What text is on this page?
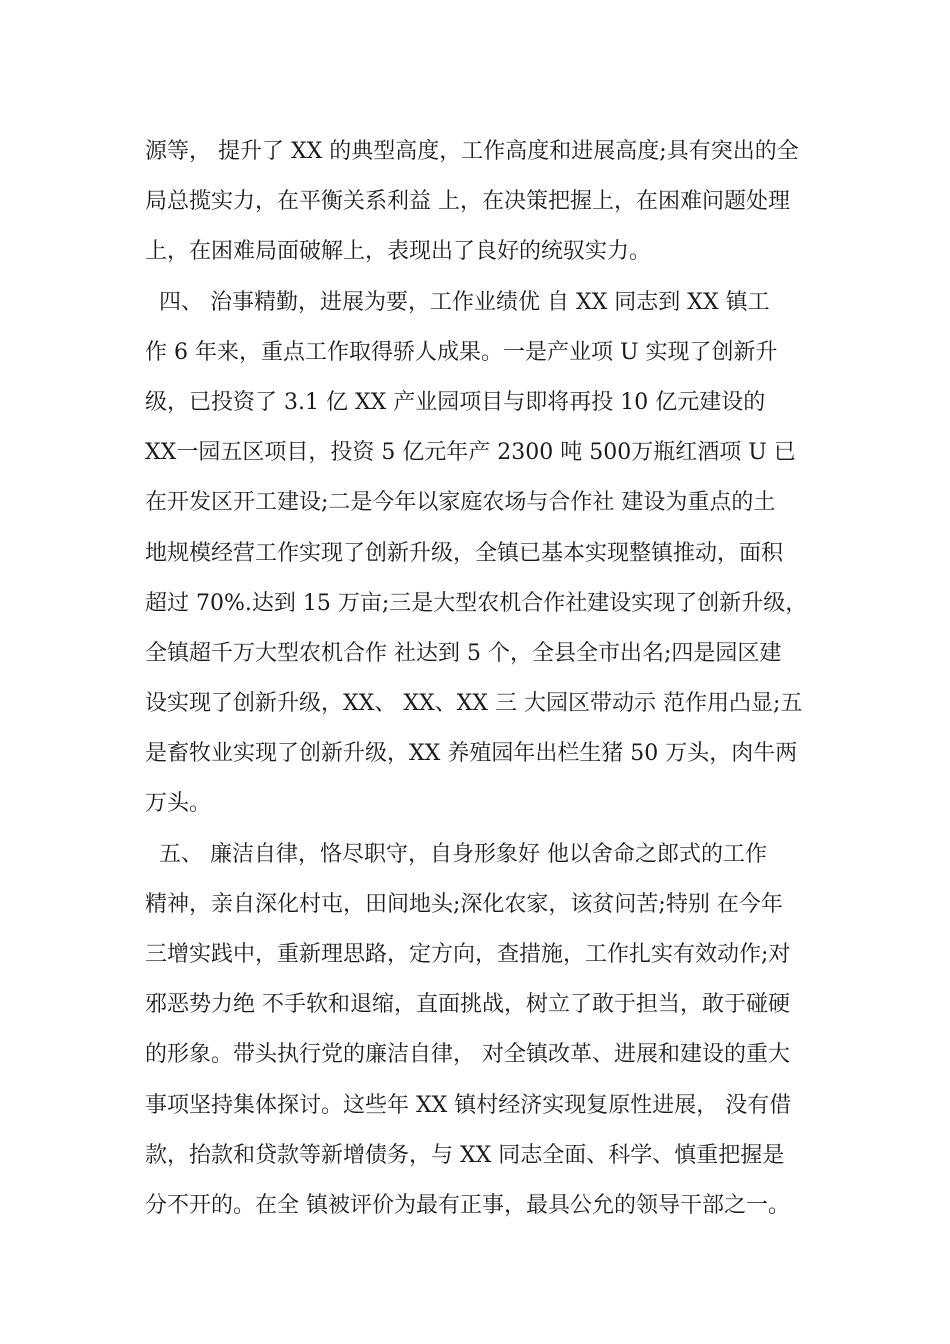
源等， 提升了 XX 的典型高度，工作高度和进展高度;具有突出的全
局总揽实力，在平衡关系利益 上，在决策把握上，在困难问题处理
上，在困难局面破解上，表现出了良好的统驭实力。
四、 治事精勤，进展为要，工作业绩优 自 XX 同志到 XX 镇工
作 6 年来，重点工作取得骄人成果。一是产业项 U 实现了创新升
级，已投资了 3.1 亿 XX 产业园项目与即将再投 10 亿元建设的
XX一园五区项目，投资 5 亿元年产 2300 吨 500万瓶红酒项 U 已
在开发区开工建设;二是今年以家庭农场与合作社 建设为重点的土
地规模经营工作实现了创新升级，全镇已基本实现整镇推动，面积
超过 70%.达到 15 万亩;三是大型农机合作社建设实现了创新升级，
全镇超千万大型农机合作 社达到 5 个，全县全市出名;四是园区建
设实现了创新升级，XX、 XX、XX 三 大园区带动示 范作用凸显;五
是畜牧业实现了创新升级，XX 养殖园年出栏生猪 50 万头，肉牛两
万头。
五、 廉洁自律，恪尽职守，自身形象好 他以舍命之郎式的工作
精神，亲自深化村屯，田间地头;深化农家，该贫问苦;特别 在今年
三增实践中，重新理思路，定方向，查措施，工作扎实有效动作;对
邪恶势力绝 不手软和退缩，直面挑战，树立了敢于担当，敢于碰硬
的形象。带头执行党的廉洁自律， 对全镇改革、进展和建设的重大
事项坚持集体探讨。这些年 XX 镇村经济实现复原性进展， 没有借
款，抬款和贷款等新增债务，与 XX 同志全面、科学、慎重把握是
分不开的。在全 镇被评价为最有正事，最具公允的领导干部之一。
